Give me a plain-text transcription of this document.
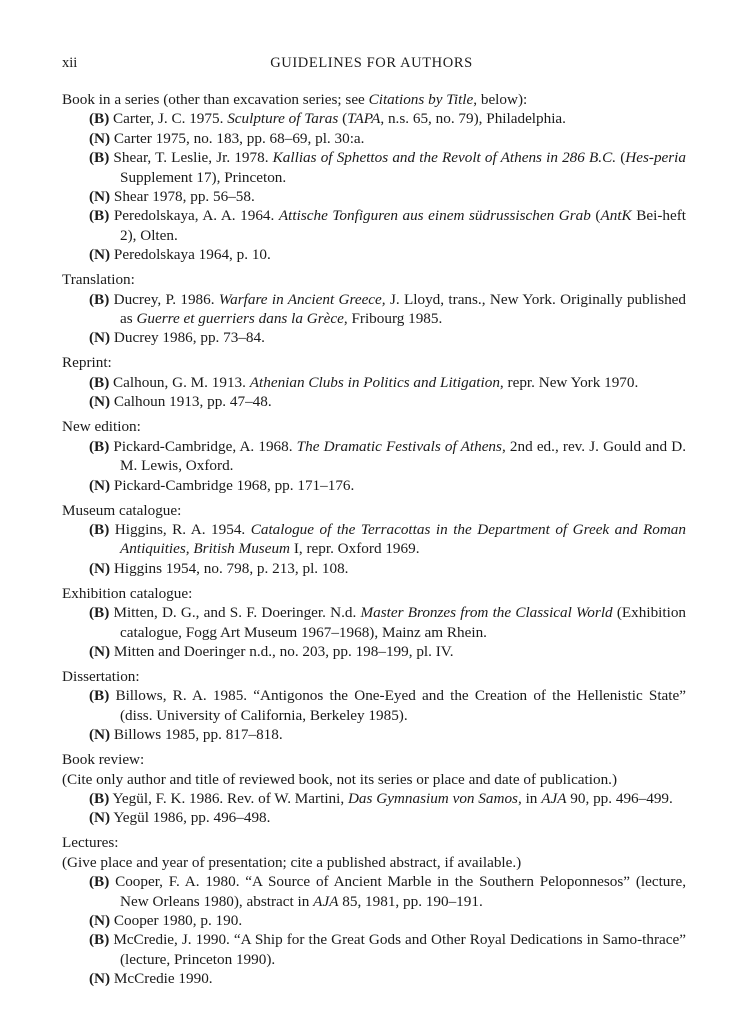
xii	GUIDELINES FOR AUTHORS

Book in a series (other than excavation series; see Citations by Title, below):

(B) Carter, J. C. 1975. Sculpture of Taras (TAPA, n.s. 65, no. 79), Philadelphia.

(N) Carter 1975, no. 183, pp. 68–69, pl. 30:a.

(B) Shear, T. Leslie, Jr. 1978. Kallias of Sphettos and the Revolt of Athens in 286 B.C. (Hes-peria Supplement 17), Princeton.

(N) Shear 1978, pp. 56–58.

(B) Peredolskaya, A. A. 1964. Attische Tonfiguren aus einem südrussischen Grab (AntK Bei-heft 2), Olten.

(N) Peredolskaya 1964, p. 10.

Translation:

(B) Ducrey, P. 1986. Warfare in Ancient Greece, J. Lloyd, trans., New York. Originally published as Guerre et guerriers dans la Grèce, Fribourg 1985.

(N) Ducrey 1986, pp. 73–84.

Reprint:

(B) Calhoun, G. M. 1913. Athenian Clubs in Politics and Litigation, repr. New York 1970.

(N) Calhoun 1913, pp. 47–48.

New edition:

(B) Pickard-Cambridge, A. 1968. The Dramatic Festivals of Athens, 2nd ed., rev. J. Gould and D. M. Lewis, Oxford.

(N) Pickard-Cambridge 1968, pp. 171–176.

Museum catalogue:

(B) Higgins, R. A. 1954. Catalogue of the Terracottas in the Department of Greek and Roman Antiquities, British Museum I, repr. Oxford 1969.

(N) Higgins 1954, no. 798, p. 213, pl. 108.

Exhibition catalogue:

(B) Mitten, D. G., and S. F. Doeringer. N.d. Master Bronzes from the Classical World (Exhibition catalogue, Fogg Art Museum 1967–1968), Mainz am Rhein.

(N) Mitten and Doeringer n.d., no. 203, pp. 198–199, pl. IV.

Dissertation:

(B) Billows, R. A. 1985. “Antigonos the One-Eyed and the Creation of the Hellenistic State” (diss. University of California, Berkeley 1985).

(N) Billows 1985, pp. 817–818.

Book review:

(Cite only author and title of reviewed book, not its series or place and date of publication.)

(B) Yegül, F. K. 1986. Rev. of W. Martini, Das Gymnasium von Samos, in AJA 90, pp. 496–499.

(N) Yegül 1986, pp. 496–498.

Lectures:

(Give place and year of presentation; cite a published abstract, if available.)

(B) Cooper, F. A. 1980. “A Source of Ancient Marble in the Southern Peloponnesos” (lecture, New Orleans 1980), abstract in AJA 85, 1981, pp. 190–191.

(N) Cooper 1980, p. 190.

(B) McCredie, J. 1990. “A Ship for the Great Gods and Other Royal Dedications in Samo-thrace” (lecture, Princeton 1990).

(N) McCredie 1990.
